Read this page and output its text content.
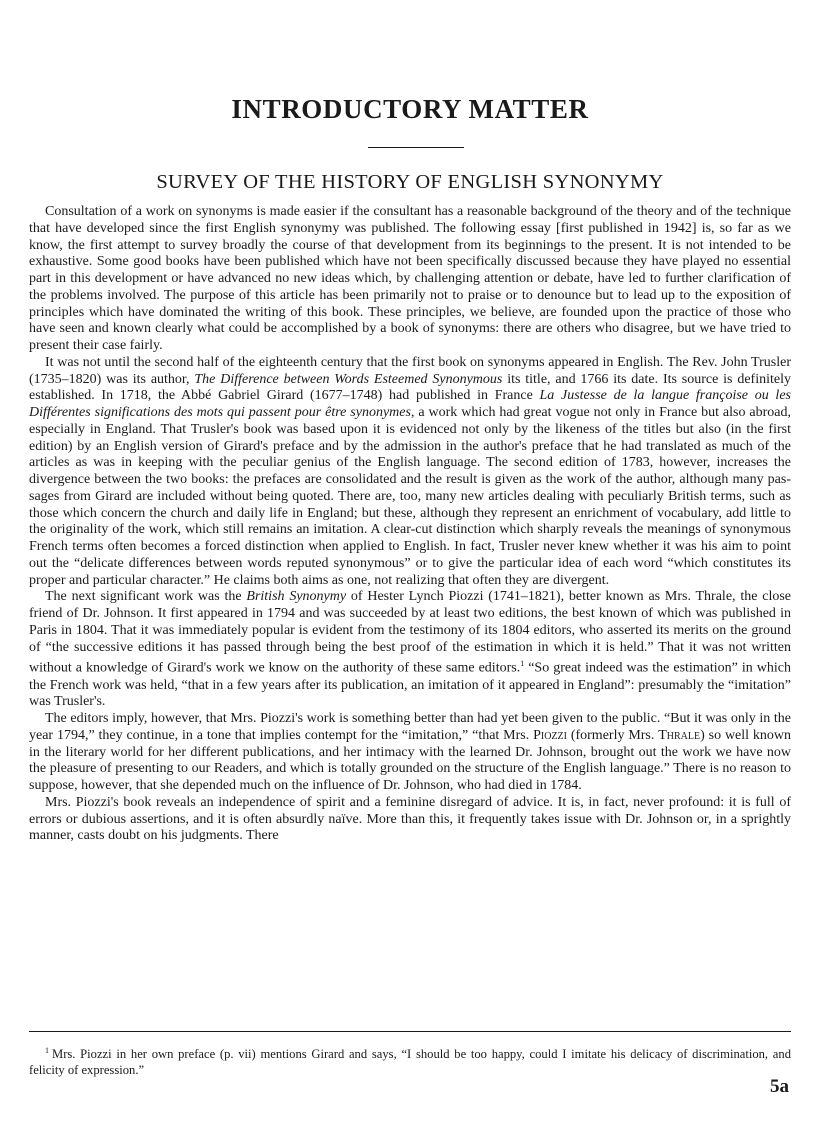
INTRODUCTORY MATTER
SURVEY OF THE HISTORY OF ENGLISH SYNONYMY

Consultation of a work on synonyms is made easier if the consultant has a reasonable background of the theory and of the technique that have developed since the first English synonymy was published. The following essay [first published in 1942] is, so far as we know, the first attempt to survey broadly the course of that development from its beginnings to the present. It is not intended to be exhaustive. Some good books have been published which have not been specifically discussed because they have played no essential part in this development or have advanced no new ideas which, by challenging attention or debate, have led to further clarification of the problems involved. The purpose of this article has been primarily not to praise or to denounce but to lead up to the exposition of principles which have dominated the writing of this book. These principles, we believe, are founded upon the practice of those who have seen and known clearly what could be accomplished by a book of synonyms: there are others who disagree, but we have tried to present their case fairly.

It was not until the second half of the eighteenth century that the first book on synonyms appeared in English. The Rev. John Trusler (1735–1820) was its author, The Difference between Words Esteemed Synonymous its title, and 1766 its date. Its source is definitely established. In 1718, the Abbé Gabriel Girard (1677–1748) had published in France La Justesse de la langue françoise ou les Différentes significations des mots qui passent pour être synonymes, a work which had great vogue not only in France but also abroad, especially in England. That Trusler's book was based upon it is evidenced not only by the likeness of the titles but also (in the first edition) by an English version of Girard's preface and by the admission in the author's preface that he had translated as much of the articles as was in keeping with the peculiar genius of the English language. The second edition of 1783, however, increases the divergence between the two books: the prefaces are consolidated and the result is given as the work of the author, although many passages from Girard are included without being quoted. There are, too, many new articles dealing with peculiarly British terms, such as those which concern the church and daily life in England; but these, although they represent an enrichment of vocabulary, add little to the originality of the work, which still remains an imitation. A clear-cut distinction which sharply reveals the meanings of synonymous French terms often becomes a forced distinction when applied to English. In fact, Trusler never knew whether it was his aim to point out the “delicate differences between words reputed synonymous” or to give the particular idea of each word “which constitutes its proper and particular character.” He claims both aims as one, not realizing that often they are divergent.

The next significant work was the British Synonymy of Hester Lynch Piozzi (1741–1821), better known as Mrs. Thrale, the close friend of Dr. Johnson. It first appeared in 1794 and was succeeded by at least two editions, the best known of which was published in Paris in 1804. That it was immediately popular is evident from the testimony of its 1804 editors, who asserted its merits on the ground of “the successive editions it has passed through being the best proof of the estimation in which it is held.” That it was not written without a knowledge of Girard's work we know on the authority of these same editors.$^1$ “So great indeed was the estimation” in which the French work was held, “that in a few years after its publication, an imitation of it appeared in England”: presumably the “imitation” was Trusler's.

The editors imply, however, that Mrs. Piozzi's work is something better than had yet been given to the public. “But it was only in the year 1794,” they continue, in a tone that implies contempt for the “imitation,” “that Mrs. Piozzi (formerly Mrs. Thrale) so well known in the literary world for her different publications, and her intimacy with the learned Dr. Johnson, brought out the work we have now the pleasure of presenting to our Readers, and which is totally grounded on the structure of the English language.” There is no reason to suppose, however, that she depended much on the influence of Dr. Johnson, who had died in 1784.

Mrs. Piozzi's book reveals an independence of spirit and a feminine disregard of advice. It is, in fact, never profound: it is full of errors or dubious assertions, and it is often absurdly naïve. More than this, it frequently takes issue with Dr. Johnson or, in a sprightly manner, casts doubt on his judgments. There

$^1$ Mrs. Piozzi in her own preface (p. vii) mentions Girard and says, “I should be too happy, could I imitate his delicacy of discrimination, and felicity of expression.”

5a
